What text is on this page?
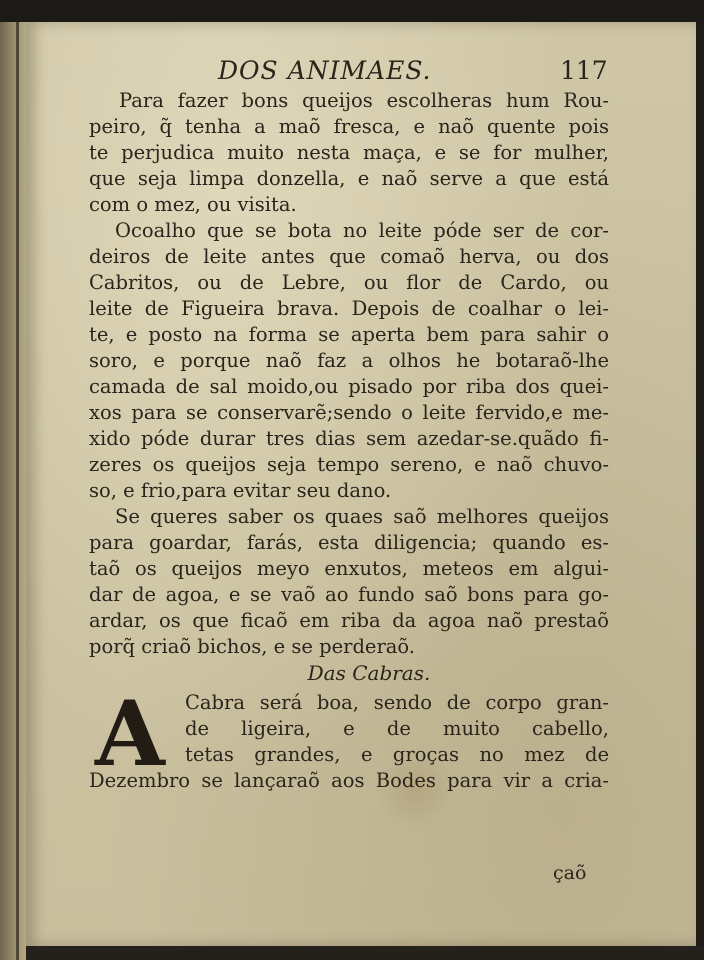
DOS ANIMAES.	117
Para fazer bons queijos escolheras hum Rou-
peiro, q̃ tenha a maõ fresca, e naõ quente pois
te perjudica muito nesta maça, e se for mulher,
que seja limpa donzella, e naõ serve a que está
com o mez, ou visita.
Ocoalho que se bota no leite póde ser de cor-
deiros de leite antes que comaõ herva, ou dos
Cabritos, ou de Lebre, ou flor de Cardo, ou
leite de Figueira brava. Depois de coalhar o lei-
te, e posto na forma se aperta bem para sahir o
soro, e porque naõ faz a olhos he botaraõ-lhe
camada de sal moido,ou pisado por riba dos quei-
xos para se conservarẽ;sendo o leite fervido,e me-
xido póde durar tres dias sem azedar-se.quãdo fi-
zeres os queijos seja tempo sereno, e naõ chuvo-
so, e frio,para evitar seu dano.
Se queres saber os quaes saõ melhores queijos
para goardar, farás, esta diligencia; quando es-
taõ os queijos meyo enxutos, meteos em algui-
dar de agoa, e se vaõ ao fundo saõ bons para go-
ardar, os que ficaõ em riba da agoa naõ prestaõ
porq̃ criaõ bichos, e se perderaõ.
Das Cabras.
A Cabra será boa, sendo de corpo gran-
de ligeira, e de muito cabello,
tetas grandes, e groças no mez de
Dezembro se lançaraõ aos Bodes para vir a cria-
çaõ
